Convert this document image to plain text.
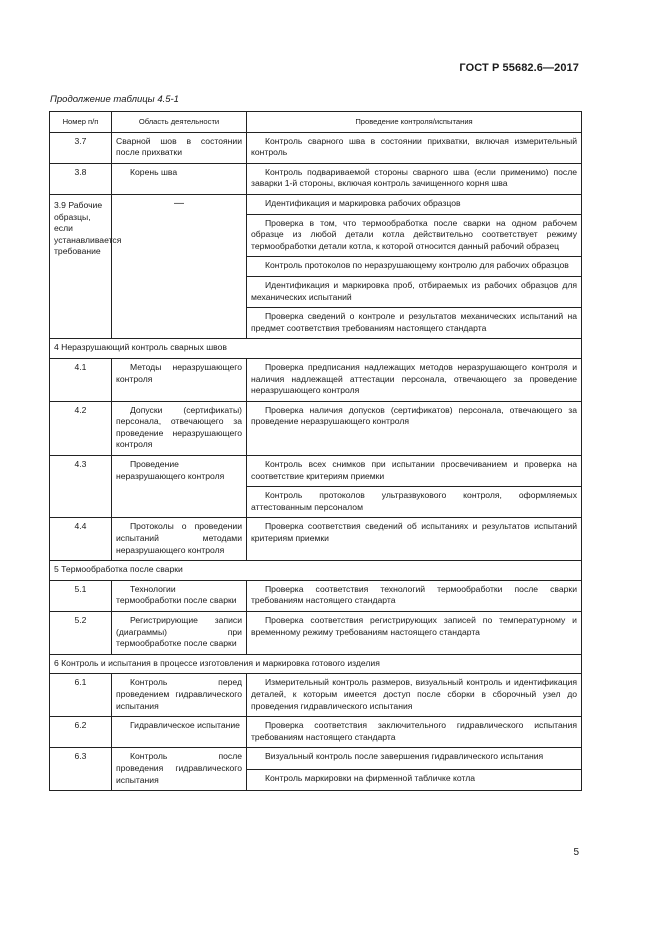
ГОСТ Р 55682.6—2017
Продолжение таблицы 4.5-1
Номер п/п	Область деятельности	Проведение контроля/испытания
3.7	Сварной шов в состоянии после прихватки	Контроль сварного шва в состоянии прихватки, включая измерительный контроль
3.8	Корень шва	Контроль подвариваемой стороны сварного шва (если применимо) после заварки 1-й стороны, включая контроль зачищенного корня шва
3.9 Рабочие образцы, если устанавливается требование	—	Идентификация и маркировка рабочих образцов
		Проверка в том, что термообработка после сварки на одном рабочем образце из любой детали котла действительно соответствует режиму термообработки детали котла, к которой относится данный рабочий образец
		Контроль протоколов по неразрушающему контролю для рабочих образцов
		Идентификация и маркировка проб, отбираемых из рабочих образцов для механических испытаний
		Проверка сведений о контроле и результатов механических испытаний на предмет соответствия требованиям настоящего стандарта
4 Неразрушающий контроль сварных швов		
4.1	Методы неразрушающего контроля	Проверка предписания надлежащих методов неразрушающего контроля и наличия надлежащей аттестации персонала, отвечающего за проведение неразрушающего контроля
4.2	Допуски (сертификаты) персонала, отвечающего за проведение неразрушающего контроля	Проверка наличия допусков (сертификатов) персонала, отвечающего за проведение неразрушающего контроля
4.3	Проведение неразрушающего контроля	Контроль всех снимков при испытании просвечиванием и проверка на соответствие критериям приемки
		Контроль протоколов ультразвукового контроля, оформляемых аттестованным персоналом
4.4	Протоколы о проведении испытаний методами неразрушающего контроля	Проверка соответствия сведений об испытаниях и результатов испытаний критериям приемки
5 Термообработка после сварки		
5.1	Технологии термообработки после сварки	Проверка соответствия технологий термообработки после сварки требованиям настоящего стандарта
5.2	Регистрирующие записи (диаграммы) при термообработке после сварки	Проверка соответствия регистрирующих записей по температурному и временному режиму требованиям настоящего стандарта
6 Контроль и испытания в процессе изготовления и маркировка готового изделия		
6.1	Контроль перед проведением гидравлического испытания	Измерительный контроль размеров, визуальный контроль и идентификация деталей, к которым имеется доступ после сборки в сборочный узел до проведения гидравлического испытания
6.2	Гидравлическое испытание	Проверка соответствия заключительного гидравлического испытания требованиям настоящего стандарта
6.3	Контроль после проведения гидравлического испытания	Визуальный контроль после завершения гидравлического испытания
		Контроль маркировки на фирменной табличке котла
5
